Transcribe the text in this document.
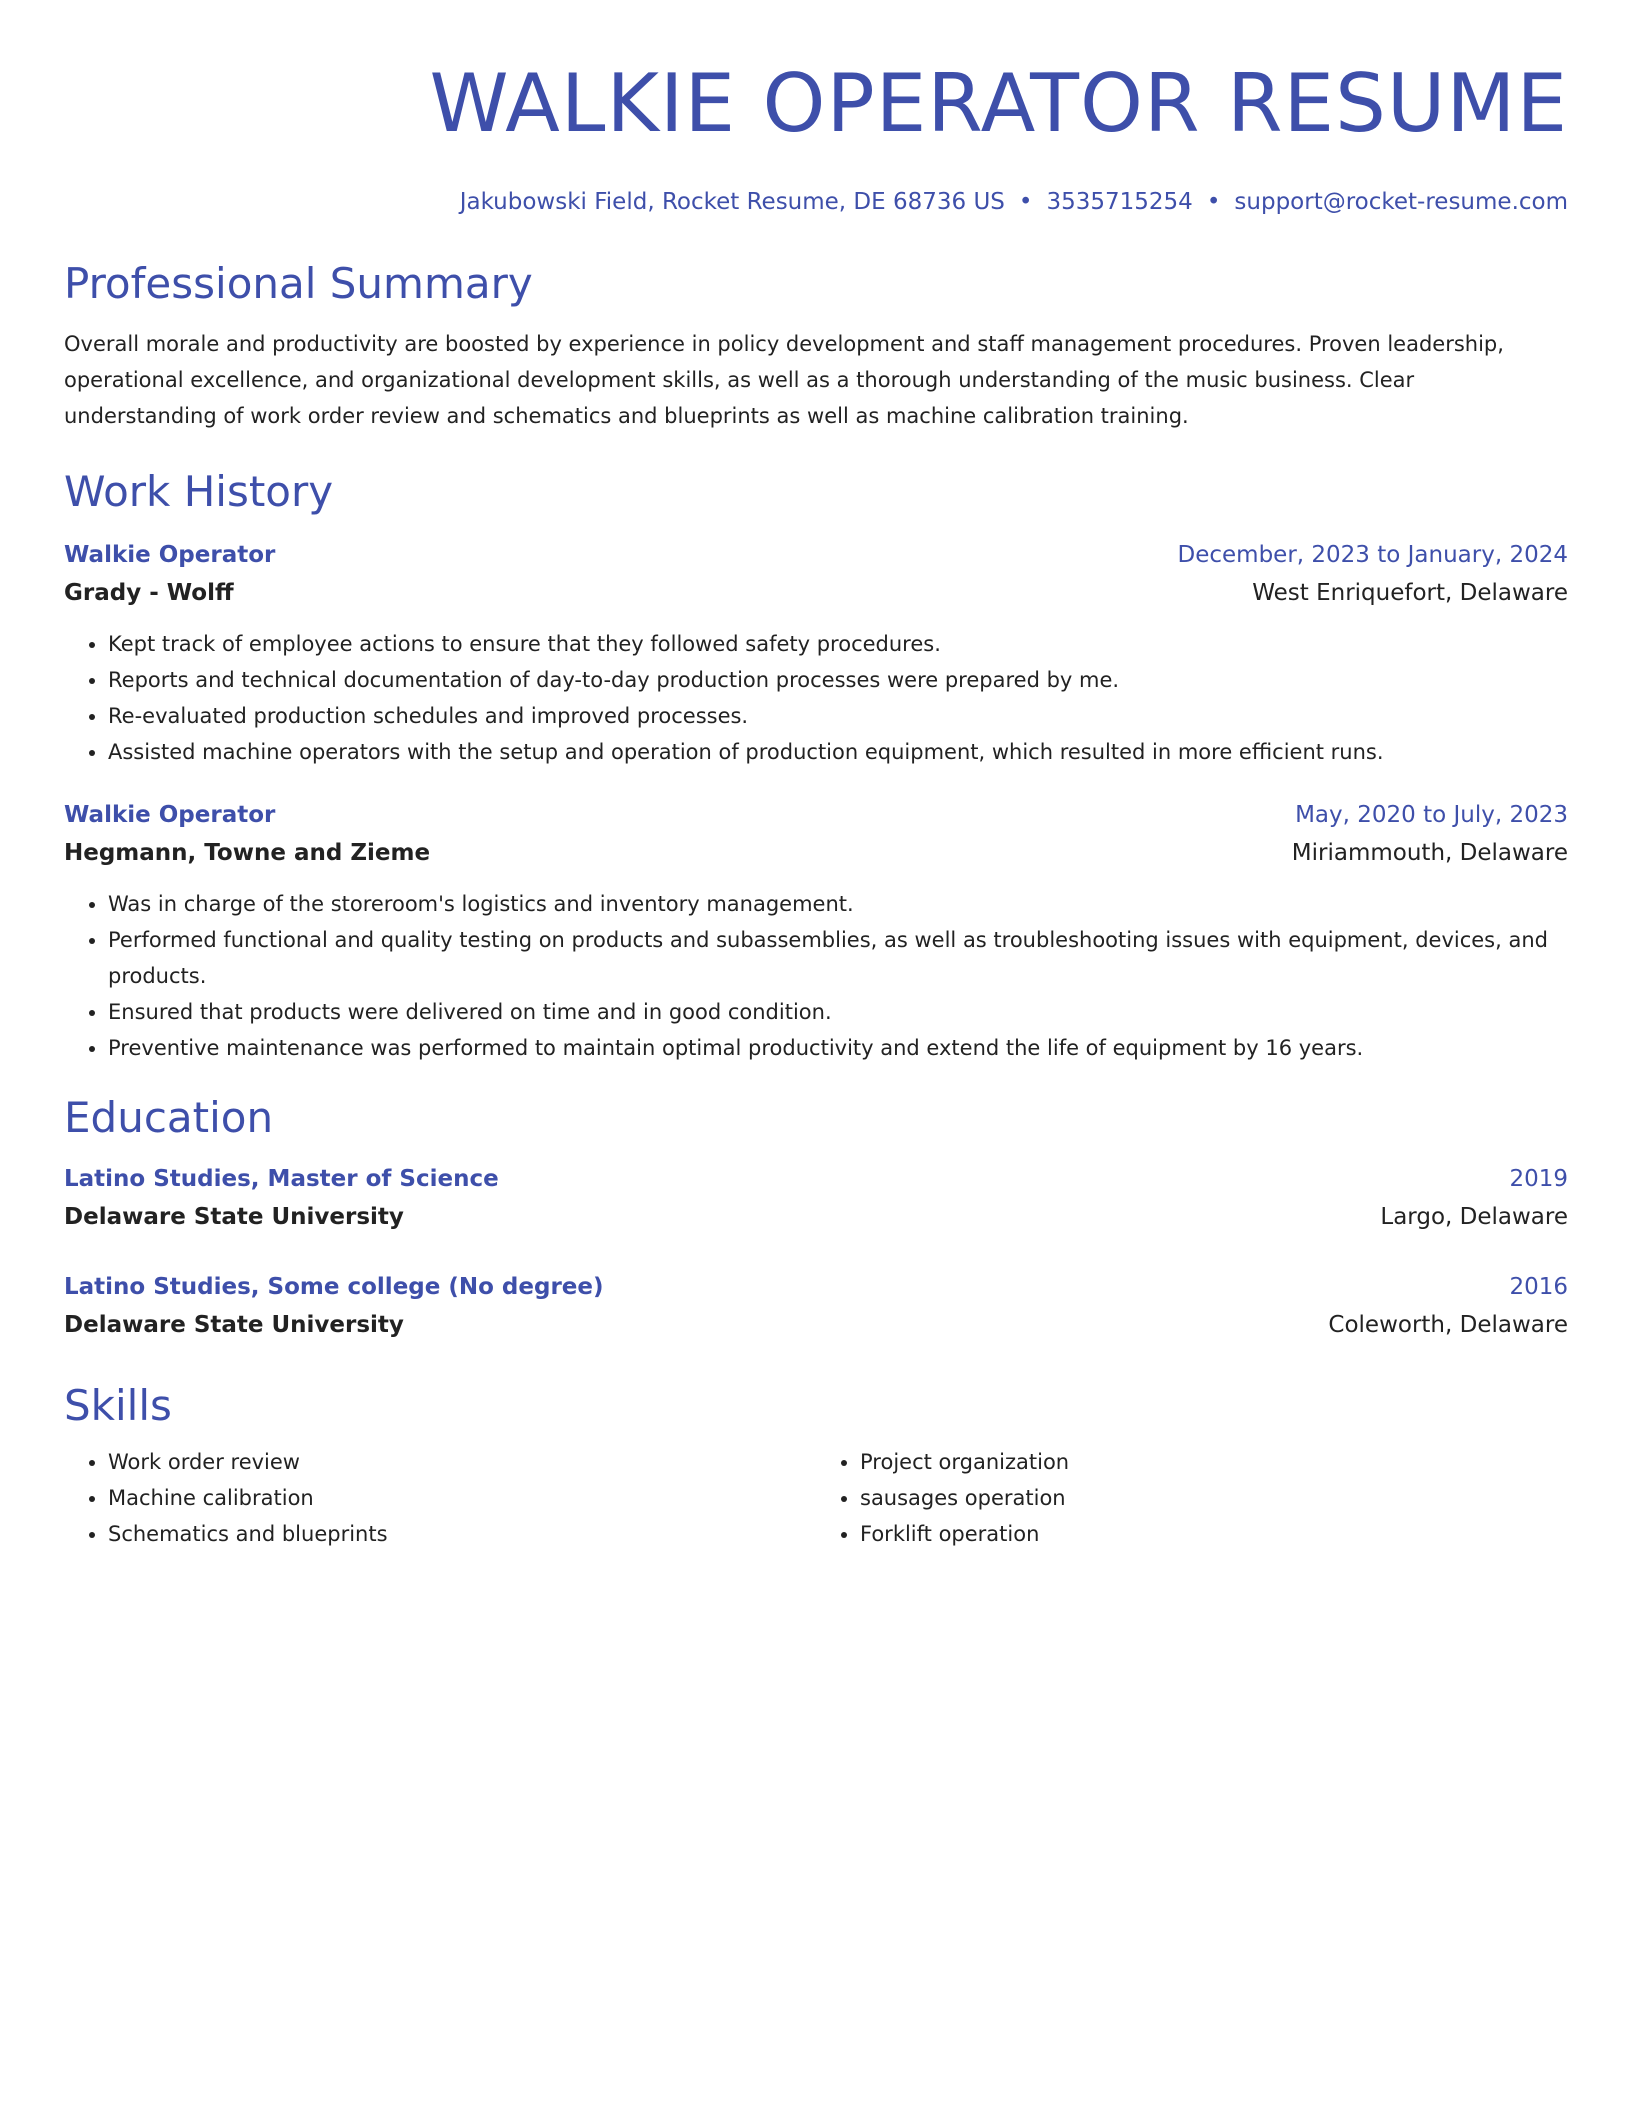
WALKIE OPERATOR RESUME
Jakubowski Field, Rocket Resume, DE 68736 US • 3535715254 • support@rocket-resume.com
Professional Summary
Overall morale and productivity are boosted by experience in policy development and staff management procedures. Proven leadership, operational excellence, and organizational development skills, as well as a thorough understanding of the music business. Clear understanding of work order review and schematics and blueprints as well as machine calibration training.
Work History
Walkie Operator	December, 2023 to January, 2024
Grady - Wolff	West Enriquefort, Delaware
• Kept track of employee actions to ensure that they followed safety procedures.
• Reports and technical documentation of day-to-day production processes were prepared by me.
• Re-evaluated production schedules and improved processes.
• Assisted machine operators with the setup and operation of production equipment, which resulted in more efficient runs.
Walkie Operator	May, 2020 to July, 2023
Hegmann, Towne and Zieme	Miriammouth, Delaware
• Was in charge of the storeroom's logistics and inventory management.
• Performed functional and quality testing on products and subassemblies, as well as troubleshooting issues with equipment, devices, and products.
• Ensured that products were delivered on time and in good condition.
• Preventive maintenance was performed to maintain optimal productivity and extend the life of equipment by 16 years.
Education
Latino Studies, Master of Science	2019
Delaware State University	Largo, Delaware
Latino Studies, Some college (No degree)	2016
Delaware State University	Coleworth, Delaware
Skills
• Work order review
• Machine calibration
• Schematics and blueprints
• Project organization
• sausages operation
• Forklift operation
